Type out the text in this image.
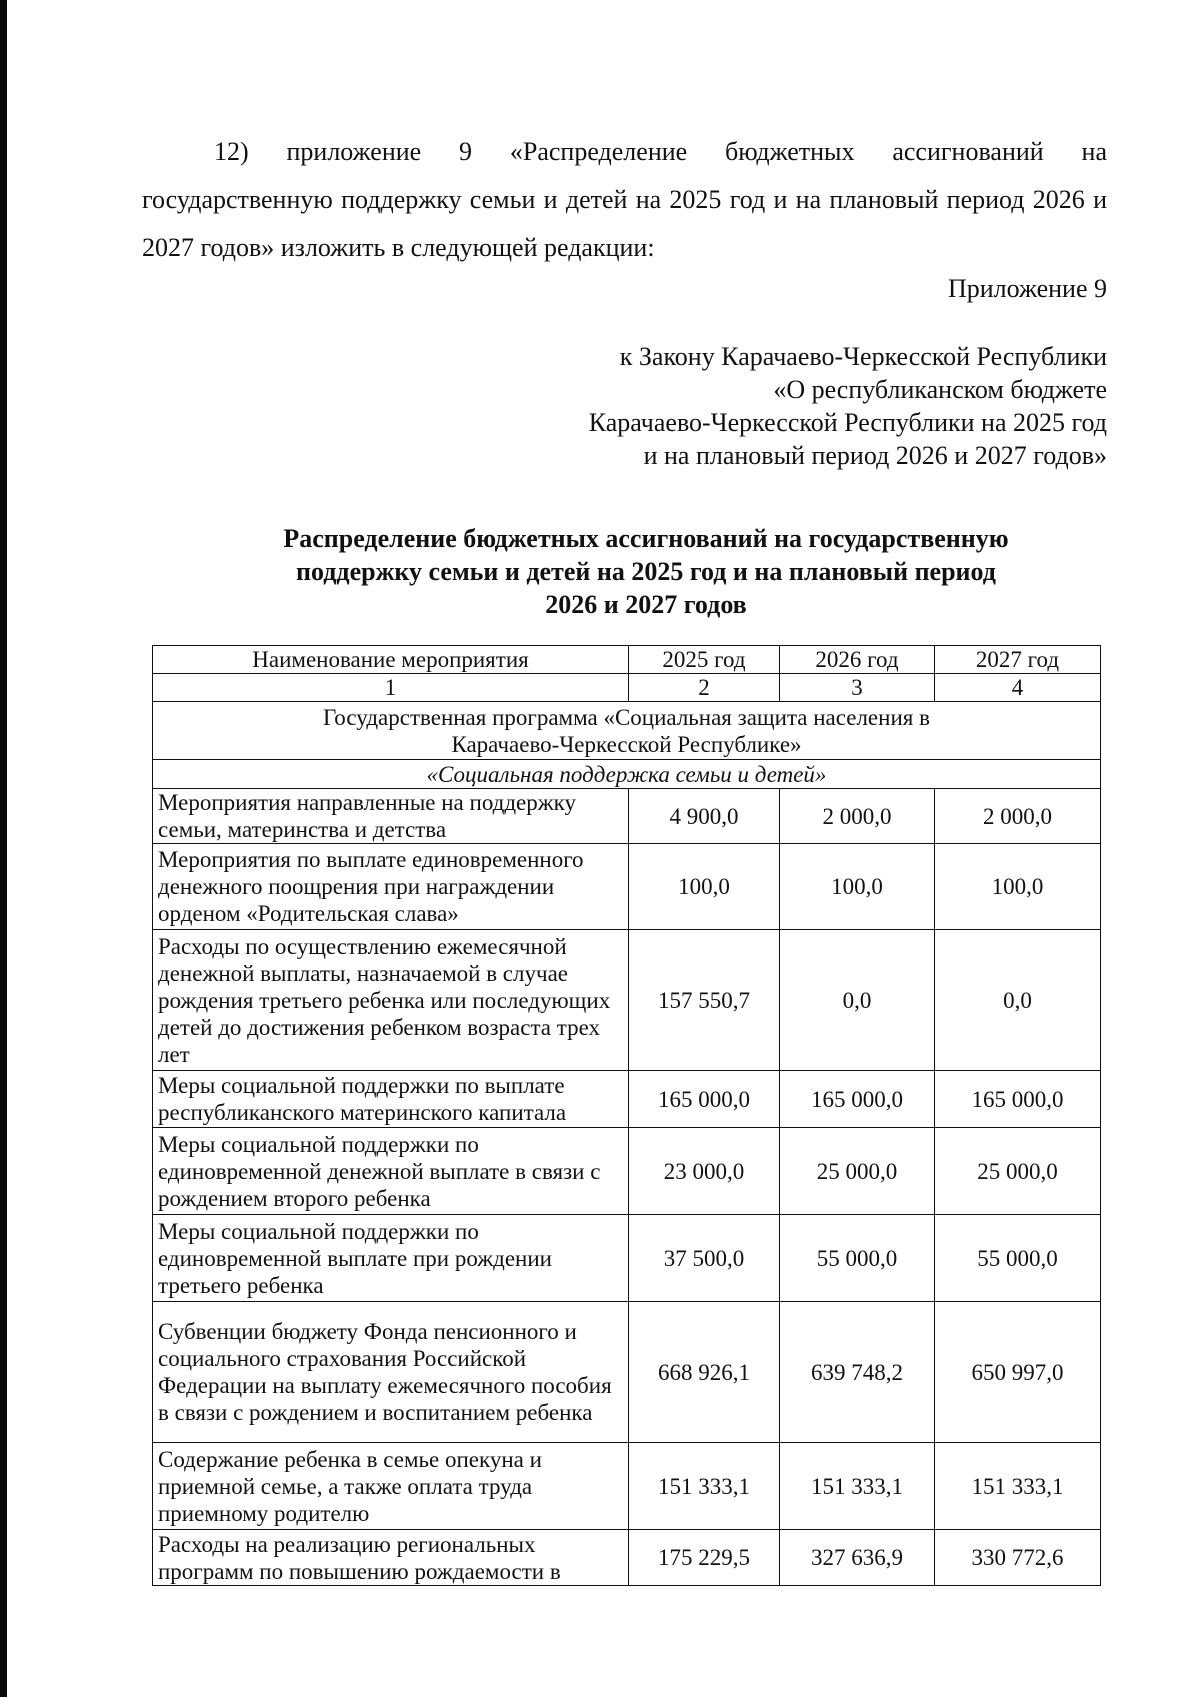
12) приложение 9 «Распределение бюджетных ассигнований на государственную поддержку семьи и детей на 2025 год и на плановый период 2026 и 2027 годов» изложить в следующей редакции:

Приложение 9

к Закону Карачаево-Черкесской Республики
«О республиканском бюджете
Карачаево-Черкесской Республики на 2025 год
и на плановый период 2026 и 2027 годов»

Распределение бюджетных ассигнований на государственную
поддержку семьи и детей на 2025 год и на плановый период
2026 и 2027 годов
Наименование мероприятия	2025 год	2026 год	2027 год
1	2	3	4
Государственная программа «Социальная защита населения в Карачаево-Черкесской Республике»			
«Социальная поддержка семьи и детей»			
Мероприятия направленные на поддержку семьи, материнства и детства	4 900,0	2 000,0	2 000,0
Мероприятия по выплате единовременного денежного поощрения при награждении орденом «Родительская слава»	100,0	100,0	100,0
Расходы по осуществлению ежемесячной денежной выплаты, назначаемой в случае рождения третьего ребенка или последующих детей до достижения ребенком возраста трех лет	157 550,7	0,0	0,0
Меры социальной поддержки по выплате республиканского материнского капитала	165 000,0	165 000,0	165 000,0
Меры социальной поддержки по единовременной денежной выплате в связи с рождением второго ребенка	23 000,0	25 000,0	25 000,0
Меры социальной поддержки по единовременной выплате при рождении третьего ребенка	37 500,0	55 000,0	55 000,0
Субвенции бюджету Фонда пенсионного и социального страхования Российской Федерации на выплату ежемесячного пособия в связи с рождением и воспитанием ребенка	668 926,1	639 748,2	650 997,0
Содержание ребенка в семье опекуна и приемной семье, а также оплата труда приемному родителю	151 333,1	151 333,1	151 333,1
Расходы на реализацию региональных программ по повышению рождаемости в	175 229,5	327 636,9	330 772,6
